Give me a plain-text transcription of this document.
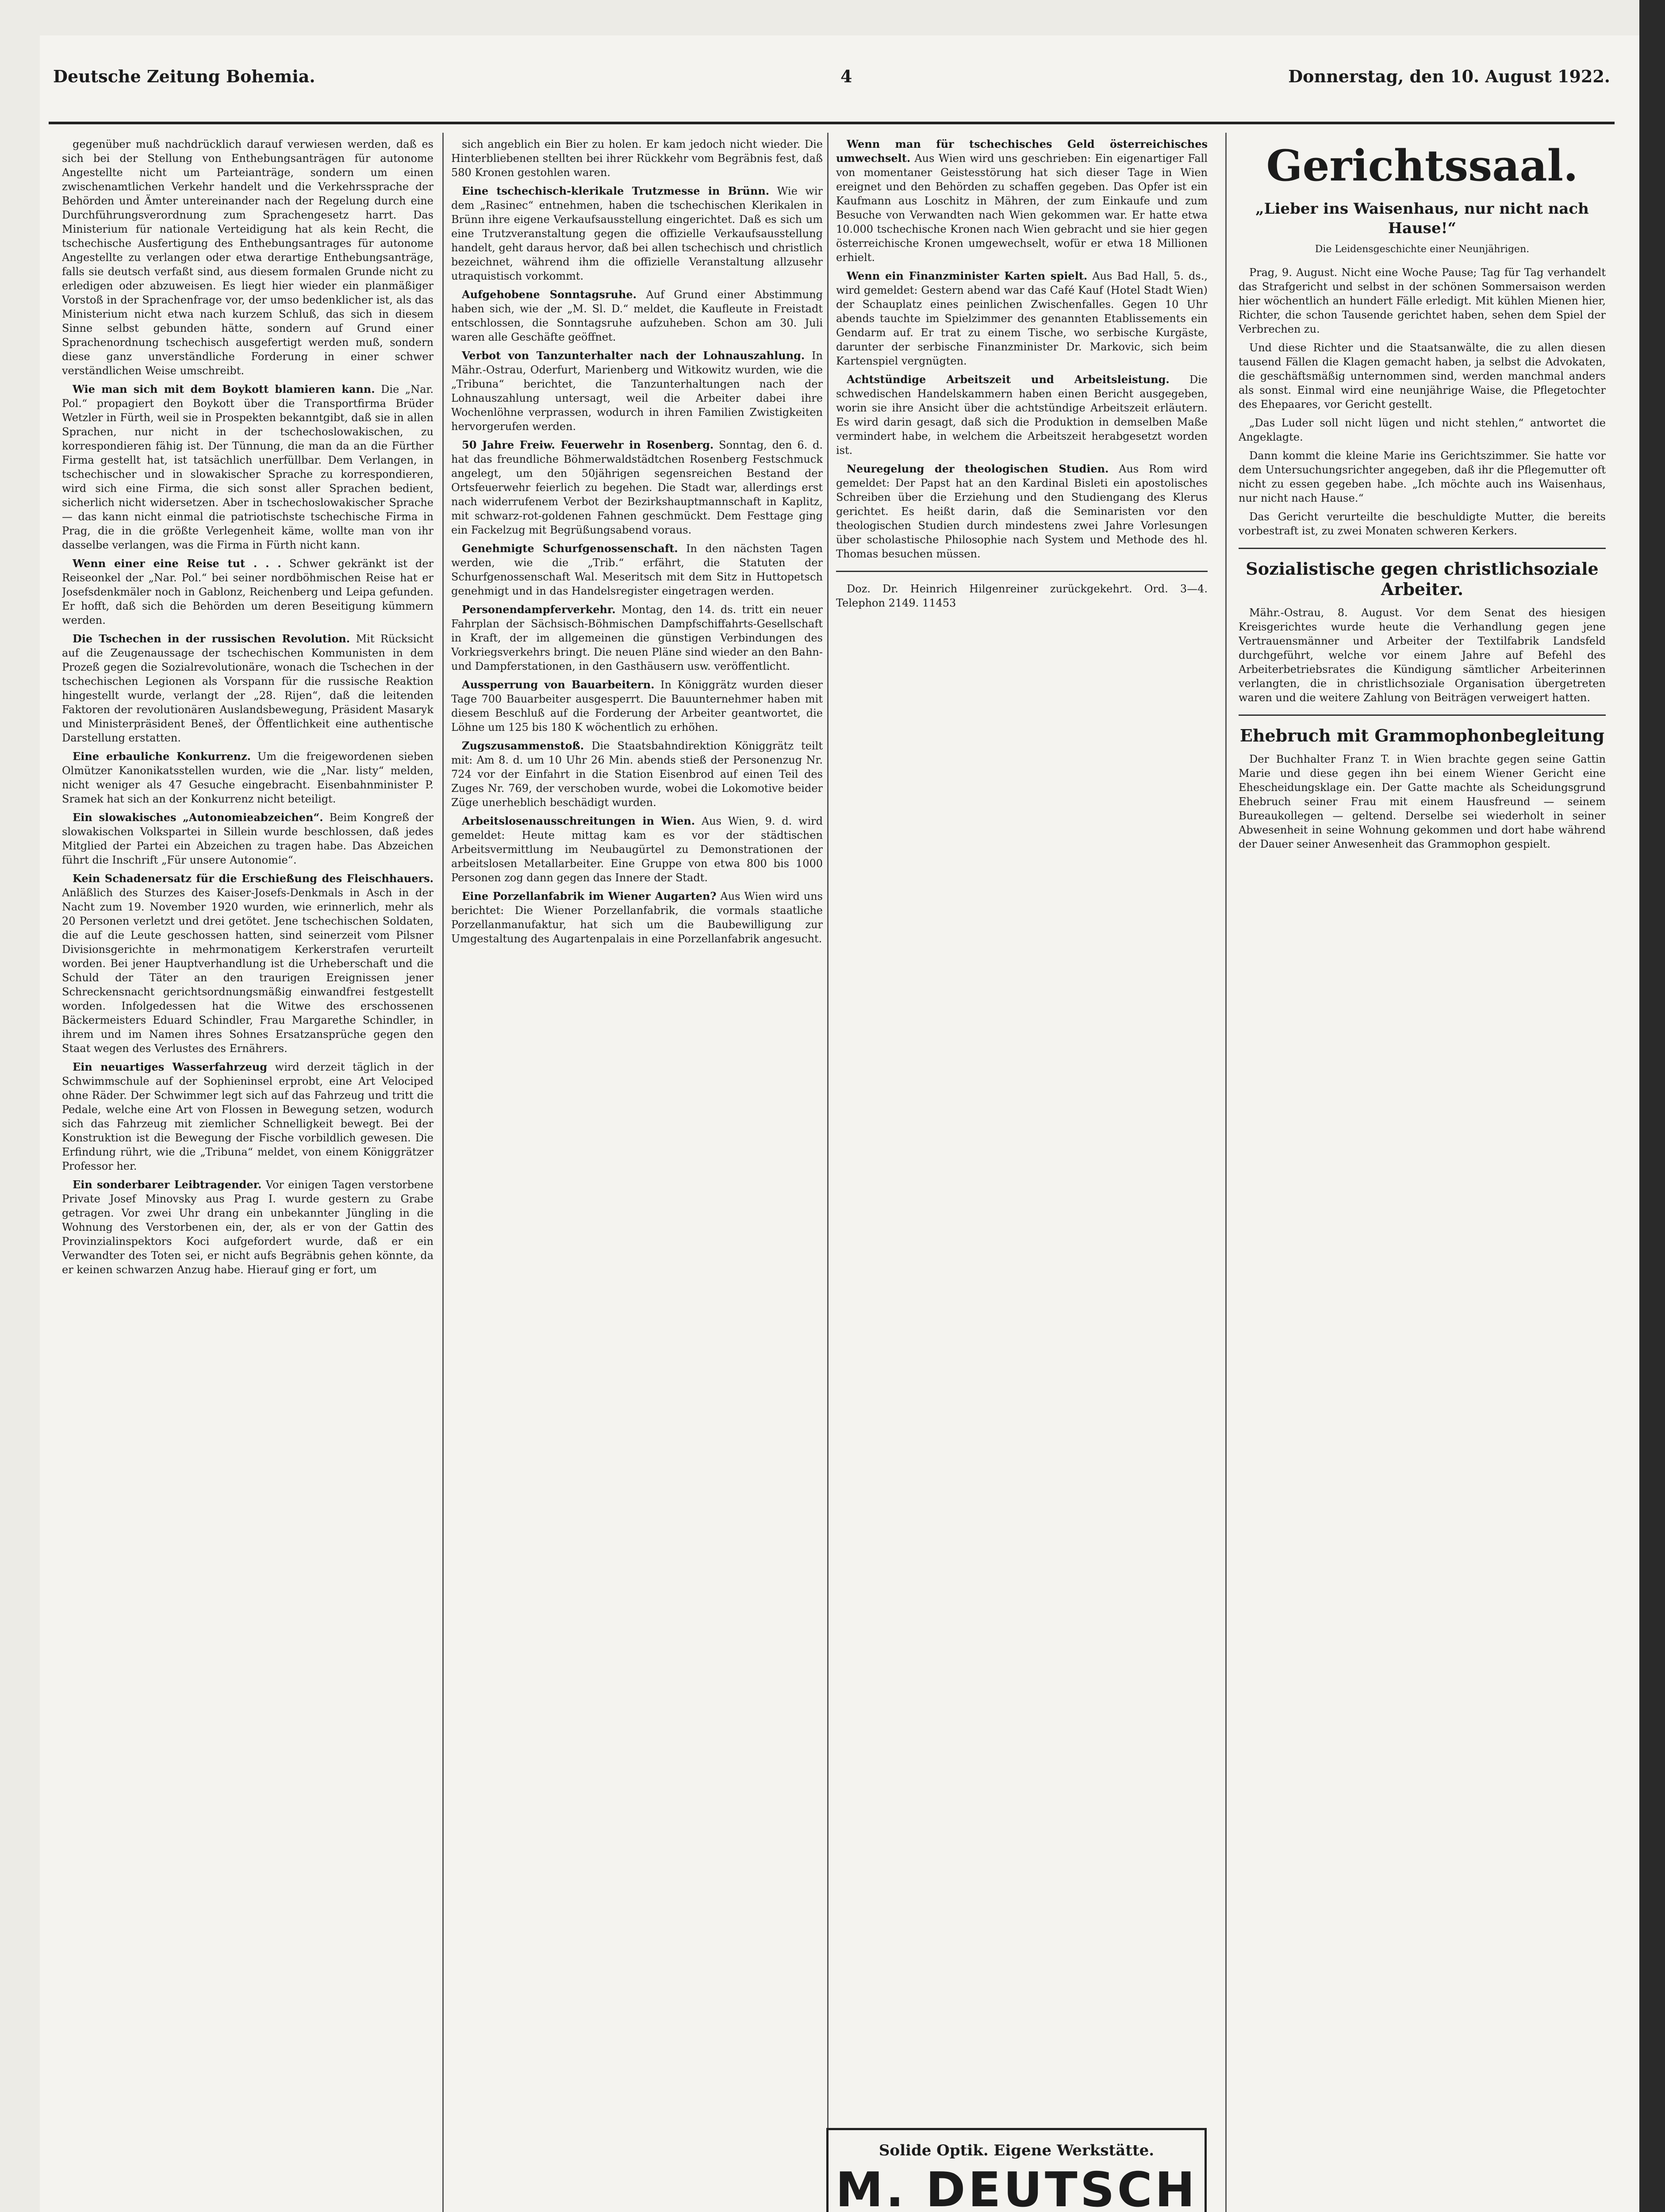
Deutsche Zeitung Bohemia.	4	Donnerstag, den 10. August 1922.

gegenüber muß nachdrücklich darauf verwiesen werden, daß es sich bei der Stellung von Enthebungsanträgen für autonome Angestellte nicht um Parteianträge, sondern um einen zwischenamtlichen Verkehr handelt und die Verkehrssprache der Behörden und Ämter untereinander nach der Regelung durch eine Durchführungsverordnung zum Sprachengesetz harrt. Das Ministerium für nationale Verteidigung hat als kein Recht, die tschechische Ausfertigung des Enthebungsantrages für autonome Angestellte zu verlangen oder etwa derartige Enthebungsanträge, falls sie deutsch verfaßt sind, aus diesem formalen Grunde nicht zu erledigen oder abzuweisen. Es liegt hier wieder ein planmäßiger Vorstoß in der Sprachenfrage vor, der umso bedenklicher ist, als das Ministerium nicht etwa nach kurzem Schluß, das sich in diesem Sinne selbst gebunden hätte, sondern auf Grund einer Sprachenordnung tschechisch ausgefertigt werden muß, sondern diese ganz unverständliche Forderung in einer schwer verständlichen Weise umschreibt.

Wie man sich mit dem Boykott blamieren kann. Die „Nar. Pol.“ propagiert den Boykott über die Transportfirma Brüder Wetzler in Fürth, weil sie in Prospekten bekanntgibt, daß sie in allen Sprachen, nur nicht in der tschechoslowakischen, zu korrespondieren fähig ist. Der Tünnung, die man da an die Fürther Firma gestellt hat, ist tatsächlich unerfüllbar. Dem Verlangen, in tschechischer und in slowakischer Sprache zu korrespondieren, wird sich eine Firma, die sich sonst aller Sprachen bedient, sicherlich nicht widersetzen. Aber in tschechoslowakischer Sprache — das kann nicht einmal die patriotischste tschechische Firma in Prag, die in die größte Verlegenheit käme, wollte man von ihr dasselbe verlangen, was die Firma in Fürth nicht kann.

Wenn einer eine Reise tut . . . Schwer gekränkt ist der Reiseonkel der „Nar. Pol.“ bei seiner nordböhmischen Reise hat er Josefsdenkmäler noch in Gablonz, Reichenberg und Leipa gefunden. Er hofft, daß sich die Behörden um deren Beseitigung kümmern werden.

Die Tschechen in der russischen Revolution. Mit Rücksicht auf die Zeugenaussage der tschechischen Kommunisten in dem Prozeß gegen die Sozialrevolutionäre, wonach die Tschechen in der tschechischen Legionen als Vorspann für die russische Reaktion hingestellt wurde, verlangt der „28. Rijen“, daß die leitenden Faktoren der revolutionären Auslandsbewegung, Präsident Masaryk und Ministerpräsident Beneš, der Öffentlichkeit eine authentische Darstellung erstatten.

Eine erbauliche Konkurrenz. Um die freigewordenen sieben Olmützer Kanonikatsstellen wurden, wie die „Nar. listy“ melden, nicht weniger als 47 Gesuche eingebracht. Eisenbahnminister P. Sramek hat sich an der Konkurrenz nicht beteiligt.

Ein slowakisches „Autonomieabzeichen“. Beim Kongreß der slowakischen Volkspartei in Sillein wurde beschlossen, daß jedes Mitglied der Partei ein Abzeichen zu tragen habe. Das Abzeichen führt die Inschrift „Für unsere Autonomie“.

Kein Schadenersatz für die Erschießung des Fleischhauers. Anläßlich des Sturzes des Kaiser-Josefs-Denkmals in Asch in der Nacht zum 19. November 1920 wurden, wie erinnerlich, mehr als 20 Personen verletzt und drei getötet. Jene tschechischen Soldaten, die auf die Leute geschossen hatten, sind seinerzeit vom Pilsner Divisionsgerichte in mehrmonatigem Kerkerstrafen verurteilt worden. Bei jener Hauptverhandlung ist die Urheberschaft und die Schuld der Täter an den traurigen Ereignissen jener Schreckensnacht gerichtsordnungsmäßig einwandfrei festgestellt worden. Infolgedessen hat die Witwe des erschossenen Bäckermeisters Eduard Schindler, Frau Margarethe Schindler, in ihrem und im Namen ihres Sohnes Ersatzansprüche gegen den Staat wegen des Verlustes des Ernährers.

Ein neuartiges Wasserfahrzeug wird derzeit täglich in der Schwimmschule auf der Sophieninsel erprobt, eine Art Velociped ohne Räder. Der Schwimmer legt sich auf das Fahrzeug und tritt die Pedale, welche eine Art von Flossen in Bewegung setzen, wodurch sich das Fahrzeug mit ziemlicher Schnelligkeit bewegt. Bei der Konstruktion ist die Bewegung der Fische vorbildlich gewesen. Die Erfindung rührt, wie die „Tribuna“ meldet, von einem Königgrätzer Professor her.

Ein sonderbarer Leibtragender. Vor einigen Tagen verstorbene Private Josef Minovsky aus Prag I. wurde gestern zu Grabe getragen. Vor zwei Uhr drang ein unbekannter Jüngling in die Wohnung des Verstorbenen ein, der, als er von der Gattin des Provinzialinspektors Koci aufgefordert wurde, daß er ein Verwandter des Toten sei, er nicht aufs Begräbnis gehen könnte, da er keinen schwarzen Anzug habe. Hierauf ging er fort, um

sich angeblich ein Bier zu holen. Er kam jedoch nicht wieder. Die Hinterbliebenen stellten bei ihrer Rückkehr vom Begräbnis fest, daß 580 Kronen gestohlen waren.

Eine tschechisch-klerikale Trutzmesse in Brünn. Wie wir dem „Rasinec“ entnehmen, haben die tschechischen Klerikalen in Brünn ihre eigene Verkaufsausstellung eingerichtet. Daß es sich um eine Trutzveranstaltung gegen die offizielle Verkaufsausstellung handelt, geht daraus hervor, daß bei allen tschechisch und christlich bezeichnet, während ihm die offizielle Veranstaltung allzusehr utraquistisch vorkommt.

Aufgehobene Sonntagsruhe. Auf Grund einer Abstimmung haben sich, wie der „M. Sl. D.“ meldet, die Kaufleute in Freistadt entschlossen, die Sonntagsruhe aufzuheben. Schon am 30. Juli waren alle Geschäfte geöffnet.

Verbot von Tanzunterhalter nach der Lohnauszahlung. In Mähr.-Ostrau, Oderfurt, Marienberg und Witkowitz wurden, wie die „Tribuna“ berichtet, die Tanzunterhaltungen nach der Lohnauszahlung untersagt, weil die Arbeiter dabei ihre Wochenlöhne verprassen, wodurch in ihren Familien Zwistigkeiten hervorgerufen werden.

50 Jahre Freiw. Feuerwehr in Rosenberg. Sonntag, den 6. d. hat das freundliche Böhmerwaldstädtchen Rosenberg Festschmuck angelegt, um den 50jährigen segensreichen Bestand der Ortsfeuerwehr feierlich zu begehen. Die Stadt war, allerdings erst nach widerrufenem Verbot der Bezirkshauptmannschaft in Kaplitz, mit schwarz-rot-goldenen Fahnen geschmückt. Dem Festtage ging ein Fackelzug mit Begrüßungsabend voraus.

Genehmigte Schurfgenossenschaft. In den nächsten Tagen werden, wie die „Trib.“ erfährt, die Statuten der Schurfgenossenschaft Wal. Meseritsch mit dem Sitz in Huttopetsch genehmigt und in das Handelsregister eingetragen werden.

Personendampferverkehr. Montag, den 14. ds. tritt ein neuer Fahrplan der Sächsisch-Böhmischen Dampfschiffahrts-Gesellschaft in Kraft, der im allgemeinen die günstigen Verbindungen des Vorkriegsverkehrs bringt. Die neuen Pläne sind wieder an den Bahn- und Dampferstationen, in den Gasthäusern usw. veröffentlicht.

Aussperrung von Bauarbeitern. In Königgrätz wurden dieser Tage 700 Bauarbeiter ausgesperrt. Die Bauunternehmer haben mit diesem Beschluß auf die Forderung der Arbeiter geantwortet, die Löhne um 125 bis 180 K wöchentlich zu erhöhen.

Zugszusammenstoß. Die Staatsbahndirektion Königgrätz teilt mit: Am 8. d. um 10 Uhr 26 Min. abends stieß der Personenzug Nr. 724 vor der Einfahrt in die Station Eisenbrod auf einen Teil des Zuges Nr. 769, der verschoben wurde, wobei die Lokomotive beider Züge unerheblich beschädigt wurden.

Arbeitslosenausschreitungen in Wien. Aus Wien, 9. d. wird gemeldet: Heute mittag kam es vor der städtischen Arbeitsvermittlung im Neubaugürtel zu Demonstrationen der arbeitslosen Metallarbeiter. Eine Gruppe von etwa 800 bis 1000 Personen zog dann gegen das Innere der Stadt.

Eine Porzellanfabrik im Wiener Augarten? Aus Wien wird uns berichtet: Die Wiener Porzellanfabrik, die vormals staatliche Porzellanmanufaktur, hat sich um die Baubewilligung zur Umgestaltung des Augartenpalais in eine Porzellanfabrik angesucht.

Wenn man für tschechisches Geld österreichisches umwechselt. Aus Wien wird uns geschrieben: Ein eigenartiger Fall von momentaner Geistesstörung hat sich dieser Tage in Wien ereignet und den Behörden zu schaffen gegeben. Das Opfer ist ein Kaufmann aus Loschitz in Mähren, der zum Einkaufe und zum Besuche von Verwandten nach Wien gekommen war. Er hatte etwa 10.000 tschechische Kronen nach Wien gebracht und sie hier gegen österreichische Kronen umgewechselt, wofür er etwa 18 Millionen erhielt.

Wenn ein Finanzminister Karten spielt. Aus Bad Hall, 5. ds., wird gemeldet: Gestern abend war das Café Kauf (Hotel Stadt Wien) der Schauplatz eines peinlichen Zwischenfalles. Gegen 10 Uhr abends tauchte im Spielzimmer des genannten Etablissements ein Gendarm auf. Er trat zu einem Tische, wo serbische Kurgäste, darunter der serbische Finanzminister Dr. Markovic, sich beim Kartenspiel vergnügten.

Achtstündige Arbeitszeit und Arbeitsleistung. Die schwedischen Handelskammern haben einen Bericht ausgegeben, worin sie ihre Ansicht über die achtstündige Arbeitszeit erläutern. Es wird darin gesagt, daß sich die Produktion in demselben Maße vermindert habe, in welchem die Arbeitszeit herabgesetzt worden ist.

Neuregelung der theologischen Studien. Aus Rom wird gemeldet: Der Papst hat an den Kardinal Bisleti ein apostolisches Schreiben über die Erziehung und den Studiengang des Klerus gerichtet. Es heißt darin, daß die Seminaristen vor den theologischen Studien durch mindestens zwei Jahre Vorlesungen über scholastische Philosophie nach System und Methode des hl. Thomas besuchen müssen.

Doz. Dr. Heinrich Hilgenreiner zurückgekehrt. Ord. 3—4. Telephon 2149. 11453

Solide Optik. Eigene Werkstätte.
M. DEUTSCH
Gerichtssaal.
„Lieber ins Waisenhaus, nur nicht nach Hause!“
Die Leidensgeschichte einer Neunjährigen.

Prag, 9. August. Nicht eine Woche Pause; Tag für Tag verhandelt das Strafgericht und selbst in der schönen Sommersaison werden hier wöchentlich an hundert Fälle erledigt. Mit kühlen Mienen hier, Richter, die schon Tausende gerichtet haben, sehen dem Spiel der Verbrechen zu.

Und diese Richter und die Staatsanwälte, die zu allen diesen tausend Fällen die Klagen gemacht haben, ja selbst die Advokaten, die geschäftsmäßig unternommen sind, werden manchmal anders als sonst. Einmal wird eine neunjährige Waise, die Pflegetochter des Ehepaares, vor Gericht gestellt.

„Das Luder soll nicht lügen und nicht stehlen,“ antwortet die Angeklagte.

Dann kommt die kleine Marie ins Gerichtszimmer. Sie hatte vor dem Untersuchungsrichter angegeben, daß ihr die Pflegemutter oft nicht zu essen gegeben habe. „Ich möchte auch ins Waisenhaus, nur nicht nach Hause.“

Das Gericht verurteilte die beschuldigte Mutter, die bereits vorbestraft ist, zu zwei Monaten schweren Kerkers.

Sozialistische gegen christlichsoziale Arbeiter.

Mähr.-Ostrau, 8. August. Vor dem Senat des hiesigen Kreisgerichtes wurde heute die Verhandlung gegen jene Vertrauensmänner und Arbeiter der Textilfabrik Landsfeld durchgeführt, welche vor einem Jahre auf Befehl des Arbeiterbetriebsrates die Kündigung sämtlicher Arbeiterinnen verlangten, die in christlichsoziale Organisation übergetreten waren und die weitere Zahlung von Beiträgen verweigert hatten.

Ehebruch mit Grammophonbegleitung

Der Buchhalter Franz T. in Wien brachte gegen seine Gattin Marie und diese gegen ihn bei einem Wiener Gericht eine Ehescheidungsklage ein. Der Gatte machte als Scheidungsgrund Ehebruch seiner Frau mit einem Hausfreund — seinem Bureaukollegen — geltend. Derselbe sei wiederholt in seiner Abwesenheit in seine Wohnung gekommen und dort habe während der Dauer seiner Anwesenheit das Grammophon gespielt.
